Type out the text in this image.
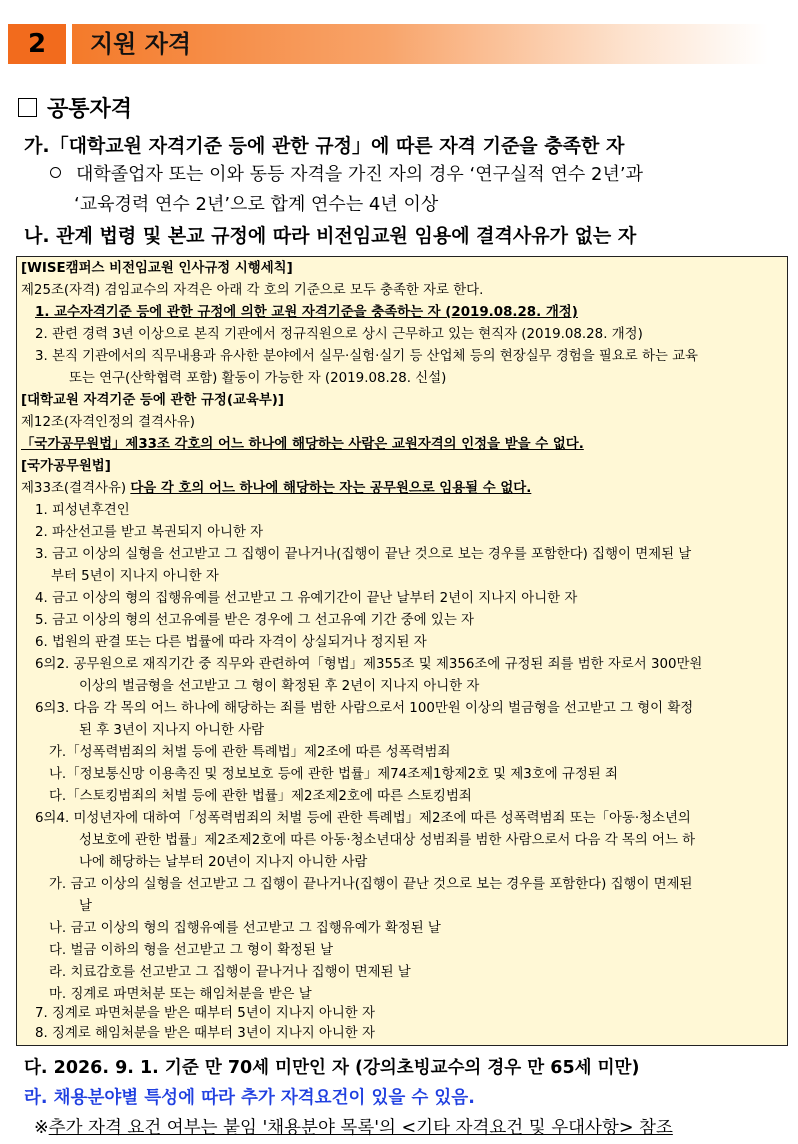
2	지원 자격
공통자격
가.「대학교원 자격기준 등에 관한 규정」에 따른 자격 기준을 충족한 자
대학졸업자 또는 이와 동등 자격을 가진 자의 경우 ‘연구실적 연수 2년’과
‘교육경력 연수 2년’으로 합계 연수는 4년 이상
나. 관계 법령 및 본교 규정에 따라 비전임교원 임용에 결격사유가 없는 자
[WISE캠퍼스 비전임교원 인사규정 시행세칙]
제25조(자격) 겸임교수의 자격은 아래 각 호의 기준으로 모두 충족한 자로 한다.
1. 교수자격기준 등에 관한 규정에 의한 교원 자격기준을 충족하는 자 (2019.08.28. 개정)
2. 관련 경력 3년 이상으로 본직 기관에서 정규직원으로 상시 근무하고 있는 현직자 (2019.08.28. 개정)
3. 본직 기관에서의 직무내용과 유사한 분야에서 실무·실험·실기 등 산업체 등의 현장실무 경험을 필요로 하는 교육
또는 연구(산학협력 포함) 활동이 가능한 자 (2019.08.28. 신설)
[대학교원 자격기준 등에 관한 규정(교육부)]
제12조(자격인정의 결격사유)
「국가공무원법」제33조 각호의 어느 하나에 해당하는 사람은 교원자격의 인정을 받을 수 없다.
[국가공무원법]
제33조(결격사유) 다음 각 호의 어느 하나에 해당하는 자는 공무원으로 임용될 수 없다.
1. 피성년후견인
2. 파산선고를 받고 복권되지 아니한 자
3. 금고 이상의 실형을 선고받고 그 집행이 끝나거나(집행이 끝난 것으로 보는 경우를 포함한다) 집행이 면제된 날
부터 5년이 지나지 아니한 자
4. 금고 이상의 형의 집행유예를 선고받고 그 유예기간이 끝난 날부터 2년이 지나지 아니한 자
5. 금고 이상의 형의 선고유예를 받은 경우에 그 선고유예 기간 중에 있는 자
6. 법원의 판결 또는 다른 법률에 따라 자격이 상실되거나 정지된 자
6의2. 공무원으로 재직기간 중 직무와 관련하여「형법」제355조 및 제356조에 규정된 죄를 범한 자로서 300만원
이상의 벌금형을 선고받고 그 형이 확정된 후 2년이 지나지 아니한 자
6의3. 다음 각 목의 어느 하나에 해당하는 죄를 범한 사람으로서 100만원 이상의 벌금형을 선고받고 그 형이 확정
된 후 3년이 지나지 아니한 사람
가.「성폭력범죄의 처벌 등에 관한 특례법」제2조에 따른 성폭력범죄
나.「정보통신망 이용촉진 및 정보보호 등에 관한 법률」제74조제1항제2호 및 제3호에 규정된 죄
다.「스토킹범죄의 처벌 등에 관한 법률」제2조제2호에 따른 스토킹범죄
6의4. 미성년자에 대하여「성폭력범죄의 처벌 등에 관한 특례법」제2조에 따른 성폭력범죄 또는「아동·청소년의
성보호에 관한 법률」제2조제2호에 따른 아동·청소년대상 성범죄를 범한 사람으로서 다음 각 목의 어느 하
나에 해당하는 날부터 20년이 지나지 아니한 사람
가. 금고 이상의 실형을 선고받고 그 집행이 끝나거나(집행이 끝난 것으로 보는 경우를 포함한다) 집행이 면제된
날
나. 금고 이상의 형의 집행유예를 선고받고 그 집행유예가 확정된 날
다. 벌금 이하의 형을 선고받고 그 형이 확정된 날
라. 치료감호를 선고받고 그 집행이 끝나거나 집행이 면제된 날
마. 징계로 파면처분 또는 해임처분을 받은 날
7. 징계로 파면처분을 받은 때부터 5년이 지나지 아니한 자
8. 징계로 해임처분을 받은 때부터 3년이 지나지 아니한 자
다. 2026. 9. 1. 기준 만 70세 미만인 자 (강의초빙교수의 경우 만 65세 미만)
라. 채용분야별 특성에 따라 추가 자격요건이 있을 수 있음.
※추가 자격 요건 여부는 붙임 '채용분야 목록'의 <기타 자격요건 및 우대사항> 참조
